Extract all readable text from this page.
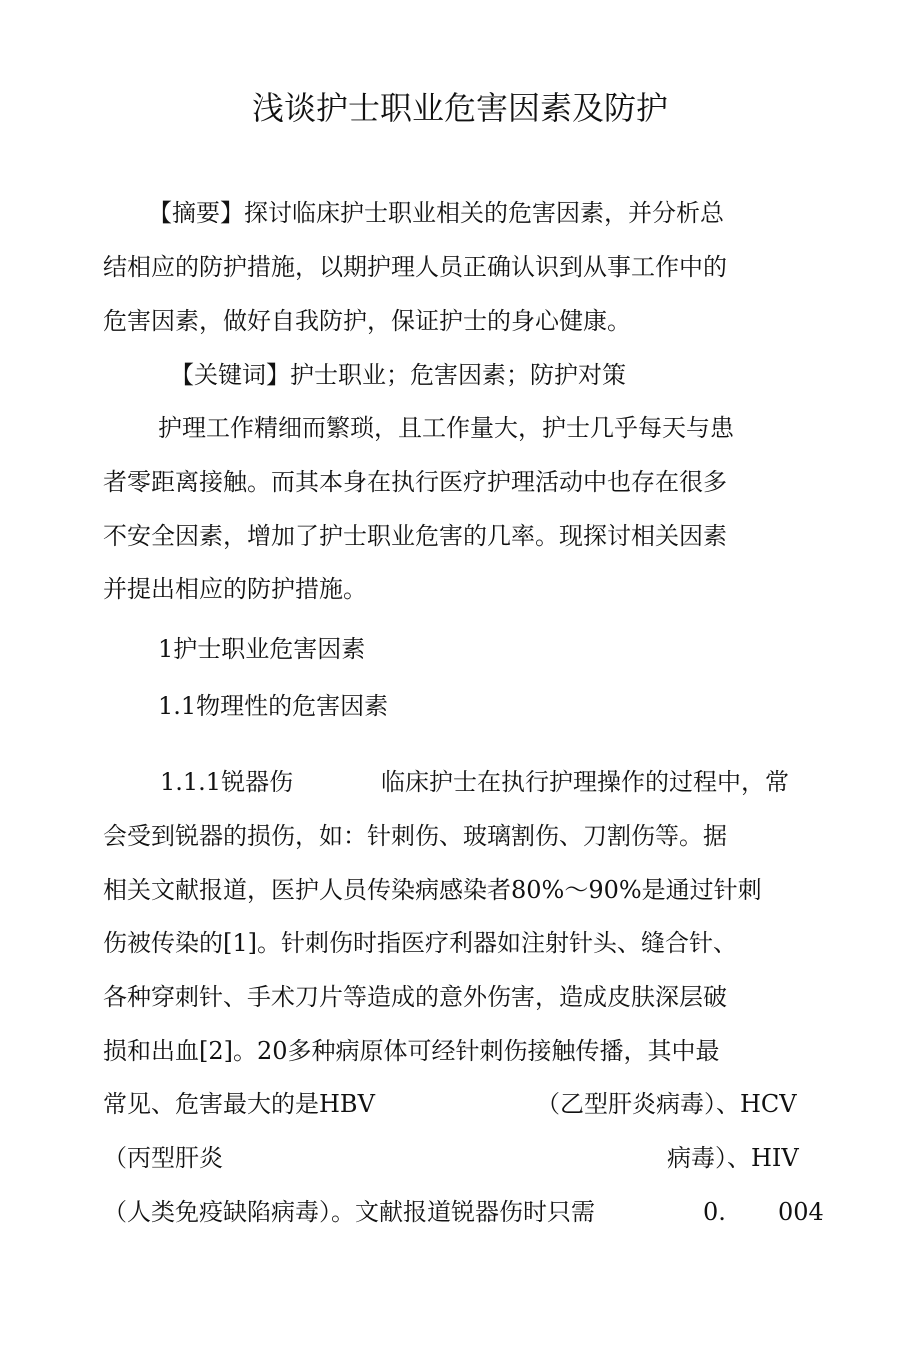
浅谈护士职业危害因素及防护
【摘要】探讨临床护士职业相关的危害因素，并分析总
结相应的防护措施，以期护理人员正确认识到从事工作中的
危害因素，做好自我防护，保证护士的身心健康。
【关键词】护士职业；危害因素；防护对策
护理工作精细而繁琐，且工作量大，护士几乎每天与患
者零距离接触。而其本身在执行医疗护理活动中也存在很多
不安全因素，增加了护士职业危害的几率。现探讨相关因素
并提出相应的防护措施。
1护士职业危害因素
1.1物理性的危害因素
1.1.1锐器伤	临床护士在执行护理操作的过程中，常
会受到锐器的损伤，如：针刺伤、玻璃割伤、刀割伤等。据
相关文献报道，医护人员传染病感染者80%～90%是通过针刺
伤被传染的[1]。针刺伤时指医疗利器如注射针头、缝合针、
各种穿刺针、手术刀片等造成的意外伤害，造成皮肤深层破
损和出血[2]。20多种病原体可经针刺伤接触传播，其中最
常见、危害最大的是HBV	（乙型肝炎病毒）、HCV
（丙型肝炎	病毒）、HIV
（人类免疫缺陷病毒）。文献报道锐器伤时只需	0. 004
